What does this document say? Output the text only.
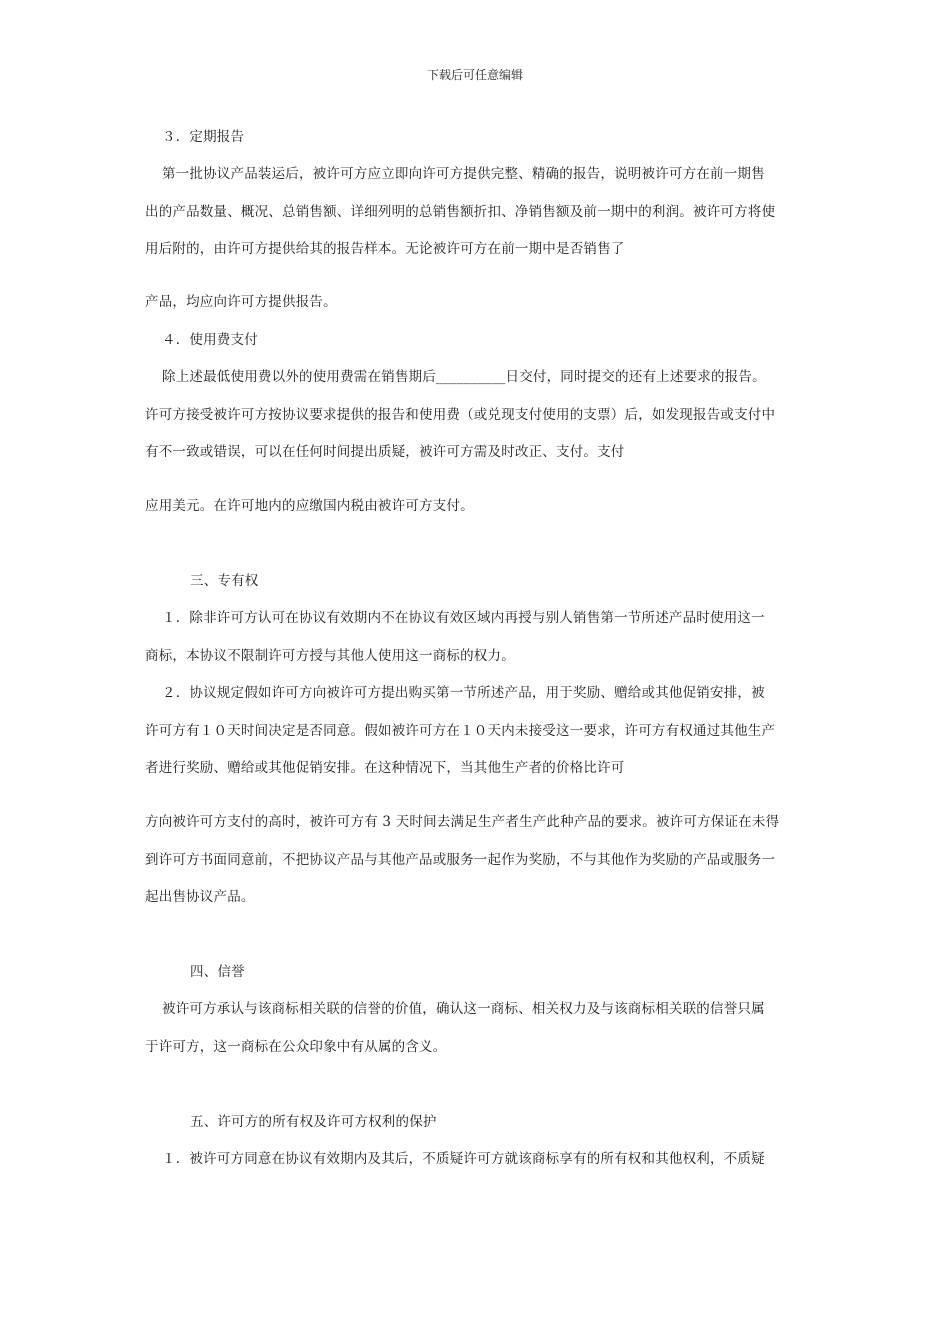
下载后可任意编辑
３．定期报告
第一批协议产品装运后，被许可方应立即向许可方提供完整、精确的报告，说明被许可方在前一期售
出的产品数量、概况、总销售额、详细列明的总销售额折扣、净销售额及前一期中的利润。被许可方将使
用后附的，由许可方提供给其的报告样本。无论被许可方在前一期中是否销售了
产品，均应向许可方提供报告。
４．使用费支付
除上述最低使用费以外的使用费需在销售期后__________日交付，同时提交的还有上述要求的报告。
许可方接受被许可方按协议要求提供的报告和使用费（或兑现支付使用的支票）后，如发现报告或支付中
有不一致或错误，可以在任何时间提出质疑，被许可方需及时改正、支付。支付
应用美元。在许可地内的应缴国内税由被许可方支付。
三、专有权
１．除非许可方认可在协议有效期内不在协议有效区域内再授与别人销售第一节所述产品时使用这一
商标，本协议不限制许可方授与其他人使用这一商标的权力。
２．协议规定假如许可方向被许可方提出购买第一节所述产品，用于奖励、赠给或其他促销安排，被
许可方有１０天时间决定是否同意。假如被许可方在１０天内未接受这一要求，许可方有权通过其他生产
者进行奖励、赠给或其他促销安排。在这种情况下，当其他生产者的价格比许可
方向被许可方支付的高时，被许可方有 3 天时间去满足生产者生产此种产品的要求。被许可方保证在未得
到许可方书面同意前，不把协议产品与其他产品或服务一起作为奖励，不与其他作为奖励的产品或服务一
起出售协议产品。
四、信誉
被许可方承认与该商标相关联的信誉的价值，确认这一商标、相关权力及与该商标相关联的信誉只属
于许可方，这一商标在公众印象中有从属的含义。
五、许可方的所有权及许可方权利的保护
１．被许可方同意在协议有效期内及其后，不质疑许可方就该商标享有的所有权和其他权利，不质疑
